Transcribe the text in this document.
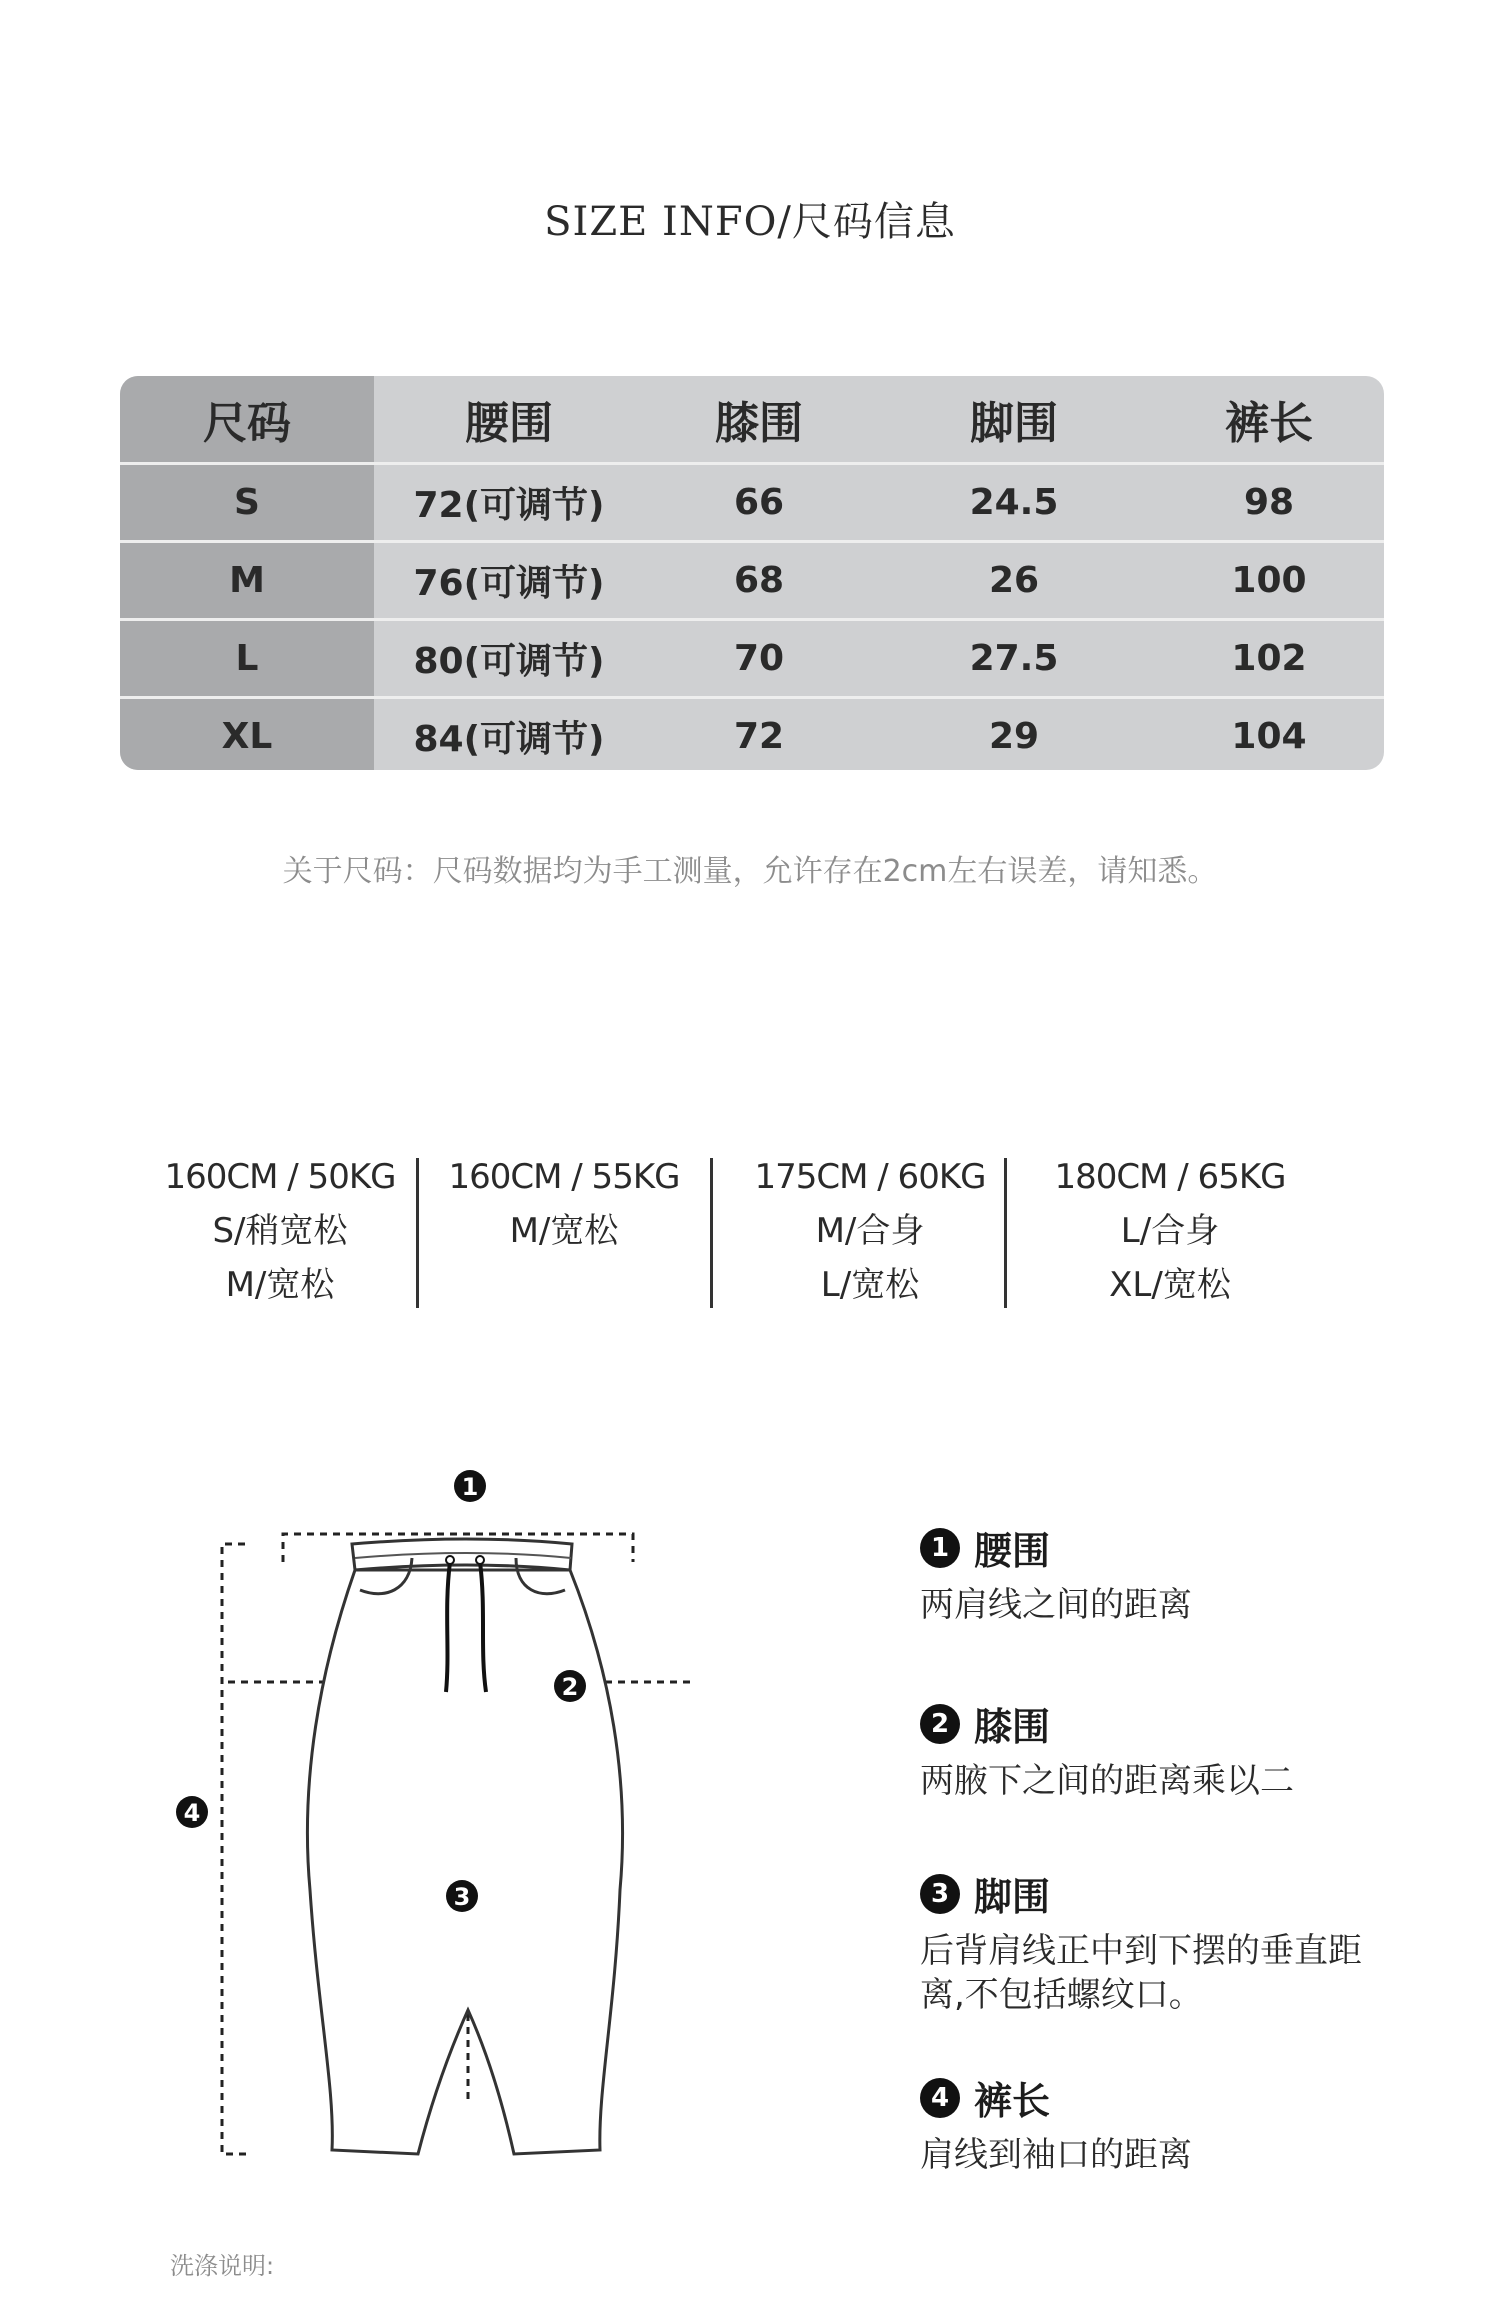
SIZE INFO/尺码信息
尺码	腰围	膝围	脚围	裤长
S	72(可调节)	66	24.5	98
M	76(可调节)	68	26	100
L	80(可调节)	70	27.5	102
XL	84(可调节)	72	29	104
关于尺码：尺码数据均为手工测量，允许存在2cm左右误差，请知悉。
160CM / 50KG
S/稍宽松
M/宽松
160CM / 55KG
M/宽松
175CM / 60KG
M/合身
L/宽松
180CM / 65KG
L/合身
XL/宽松
1
2
3
4
1 腰围
两肩线之间的距离
2 膝围
两腋下之间的距离乘以二
3 脚围
后背肩线正中到下摆的垂直距离,不包括螺纹口。
4 裤长
肩线到袖口的距离
洗涤说明:
